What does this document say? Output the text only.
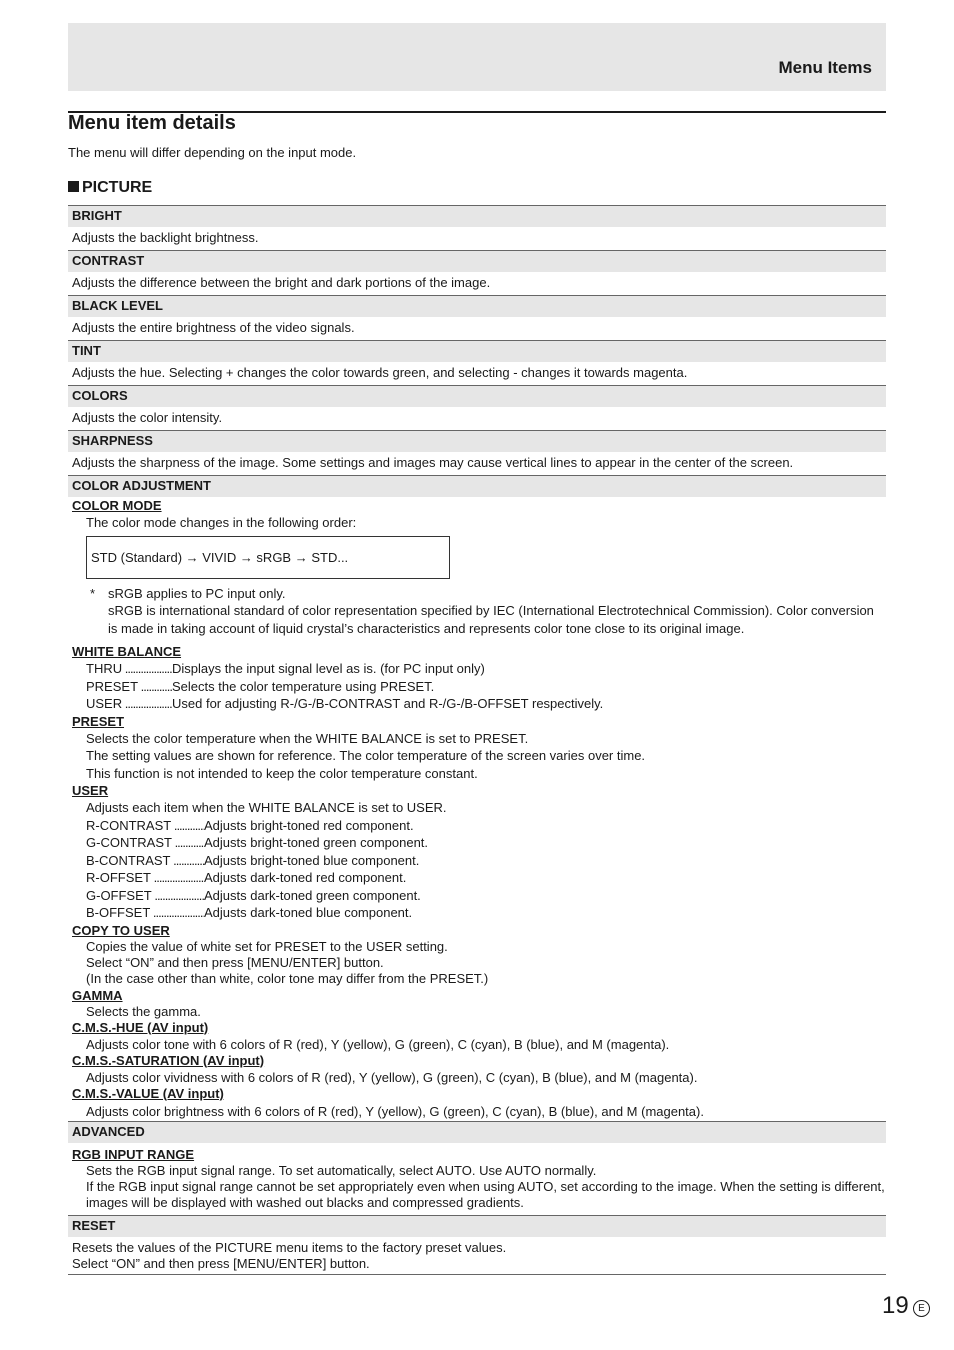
Menu Items
Menu item details
The menu will differ depending on the input mode.
PICTURE
BRIGHT
Adjusts the backlight brightness.
CONTRAST
Adjusts the difference between the bright and dark portions of the image.
BLACK LEVEL
Adjusts the entire brightness of the video signals.
TINT
Adjusts the hue. Selecting + changes the color towards green, and selecting - changes it towards magenta.
COLORS
Adjusts the color intensity.
SHARPNESS
Adjusts the sharpness of the image. Some settings and images may cause vertical lines to appear in the center of the screen.
COLOR ADJUSTMENT
COLOR MODE
The color mode changes in the following order:
STD (Standard) → VIVID → sRGB → STD...
* sRGB applies to PC input only.
sRGB is international standard of color representation specified by IEC (International Electrotechnical Commission). Color conversion is made in taking account of liquid crystal’s characteristics and represents color tone close to its original image.
WHITE BALANCE
THRU .....	Displays the input signal level as is. (for PC input only)
PRESET .....	Selects the color temperature using PRESET.
USER .....	Used for adjusting R-/G-/B-CONTRAST and R-/G-/B-OFFSET respectively.
PRESET
Selects the color temperature when the WHITE BALANCE is set to PRESET.
The setting values are shown for reference. The color temperature of the screen varies over time.
This function is not intended to keep the color temperature constant.
USER
Adjusts each item when the WHITE BALANCE is set to USER.
R-CONTRAST .....	Adjusts bright-toned red component.
G-CONTRAST .....	Adjusts bright-toned green component.
B-CONTRAST .....	Adjusts bright-toned blue component.
R-OFFSET .....	Adjusts dark-toned red component.
G-OFFSET .....	Adjusts dark-toned green component.
B-OFFSET .....	Adjusts dark-toned blue component.
COPY TO USER
Copies the value of white set for PRESET to the USER setting.
Select “ON” and then press [MENU/ENTER] button.
(In the case other than white, color tone may differ from the PRESET.)
GAMMA
Selects the gamma.
C.M.S.-HUE (AV input)
Adjusts color tone with 6 colors of R (red), Y (yellow), G (green), C (cyan), B (blue), and M (magenta).
C.M.S.-SATURATION (AV input)
Adjusts color vividness with 6 colors of R (red), Y (yellow), G (green), C (cyan), B (blue), and M (magenta).
C.M.S.-VALUE (AV input)
Adjusts color brightness with 6 colors of R (red), Y (yellow), G (green), C (cyan), B (blue), and M (magenta).
ADVANCED
RGB INPUT RANGE
Sets the RGB input signal range. To set automatically, select AUTO. Use AUTO normally.
If the RGB input signal range cannot be set appropriately even when using AUTO, set according to the image. When the setting is different, images will be displayed with washed out blacks and compressed gradients.
RESET
Resets the values of the PICTURE menu items to the factory preset values.
Select “ON” and then press [MENU/ENTER] button.
19 E
